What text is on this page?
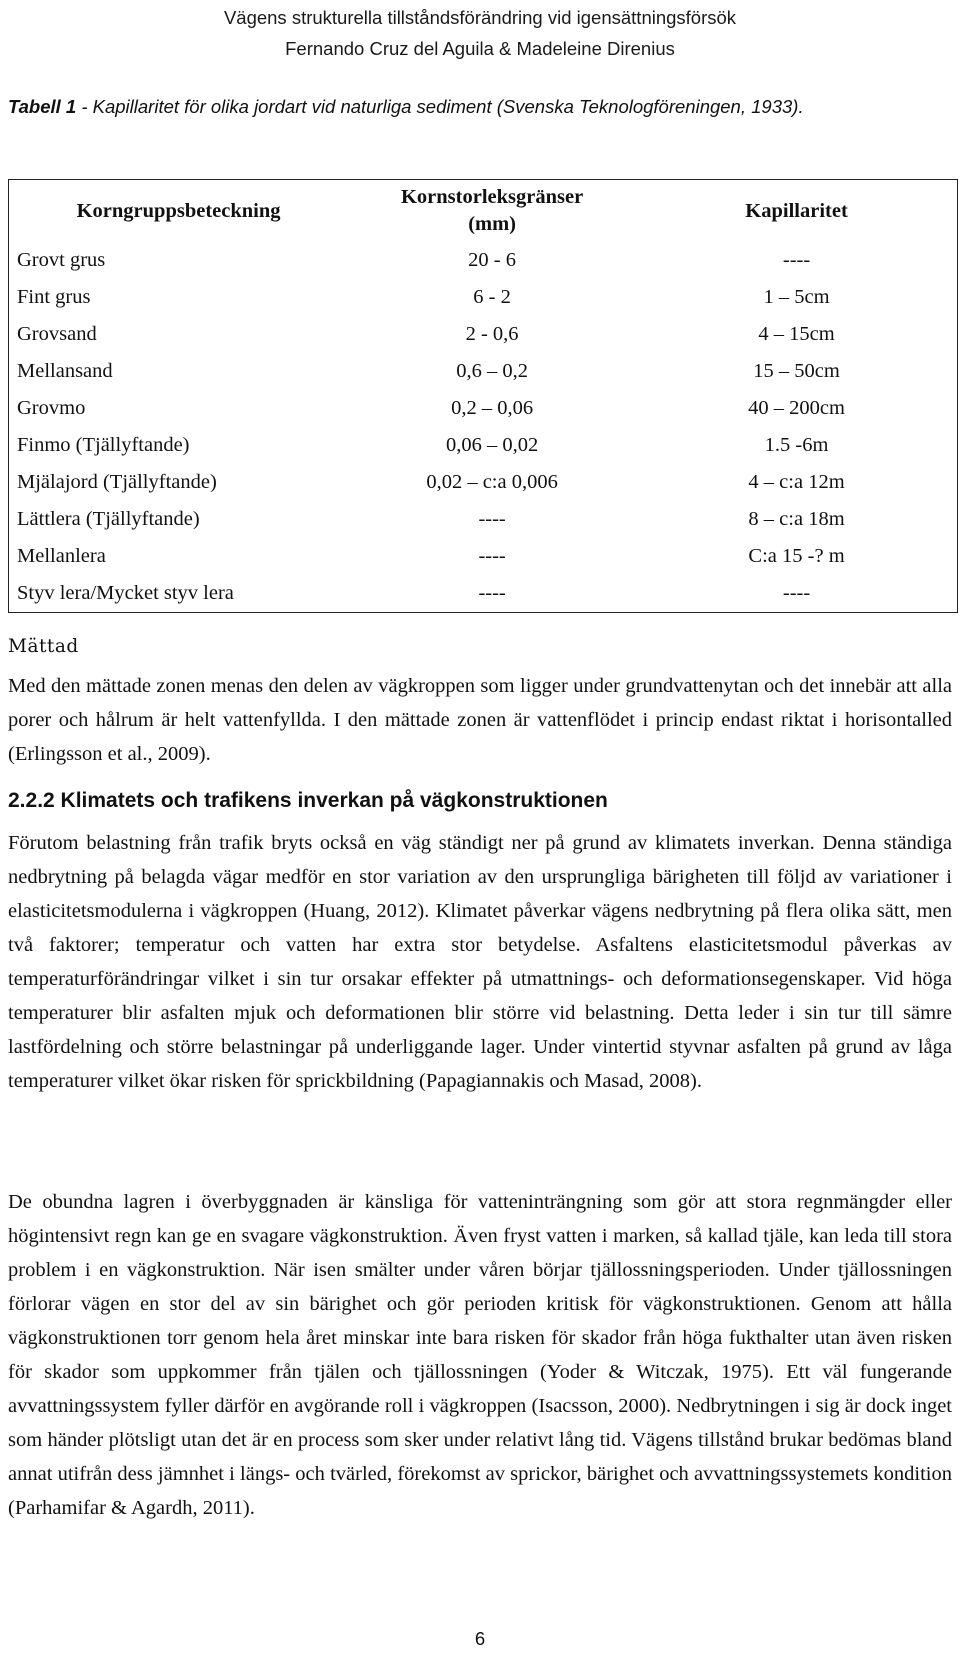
Vägens strukturella tillståndsförändring vid igensättningsförsök
Fernando Cruz del Aguila & Madeleine Direnius
Tabell 1 - Kapillaritet för olika jordart vid naturliga sediment (Svenska Teknologföreningen, 1933).
Korngruppsbeteckning	Kornstorleksgränser (mm)	Kapillaritet
Grovt grus	20 - 6	----
Fint grus	6 - 2	1 – 5cm
Grovsand	2 - 0,6	4 – 15cm
Mellansand	0,6 – 0,2	15 – 50cm
Grovmo	0,2 – 0,06	40 – 200cm
Finmo (Tjällyftande)	0,06 – 0,02	1.5 -6m
Mjälajord (Tjällyftande)	0,02 – c:a 0,006	4 – c:a 12m
Lättlera (Tjällyftande)	----	8 – c:a 18m
Mellanlera	----	C:a 15 -? m
Styv lera/Mycket styv lera	----	----
Mättad

Med den mättade zonen menas den delen av vägkroppen som ligger under grundvattenytan och det innebär att alla porer och hålrum är helt vattenfyllda. I den mättade zonen är vattenflödet i princip endast riktat i horisontalled (Erlingsson et al., 2009).

2.2.2 Klimatets och trafikens inverkan på vägkonstruktionen

Förutom belastning från trafik bryts också en väg ständigt ner på grund av klimatets inverkan. Denna ständiga nedbrytning på belagda vägar medför en stor variation av den ursprungliga bärigheten till följd av variationer i elasticitetsmodulerna i vägkroppen (Huang, 2012). Klimatet påverkar vägens nedbrytning på flera olika sätt, men två faktorer; temperatur och vatten har extra stor betydelse. Asfaltens elasticitetsmodul påverkas av temperaturförändringar vilket i sin tur orsakar effekter på utmattnings- och deformationsegenskaper. Vid höga temperaturer blir asfalten mjuk och deformationen blir större vid belastning. Detta leder i sin tur till sämre lastfördelning och större belastningar på underliggande lager. Under vintertid styvnar asfalten på grund av låga temperaturer vilket ökar risken för sprickbildning (Papagiannakis och Masad, 2008).

De obundna lagren i överbyggnaden är känsliga för vatteninträngning som gör att stora regnmängder eller högintensivt regn kan ge en svagare vägkonstruktion. Även fryst vatten i marken, så kallad tjäle, kan leda till stora problem i en vägkonstruktion. När isen smälter under våren börjar tjällossningsperioden. Under tjällossningen förlorar vägen en stor del av sin bärighet och gör perioden kritisk för vägkonstruktionen. Genom att hålla vägkonstruktionen torr genom hela året minskar inte bara risken för skador från höga fukthalter utan även risken för skador som uppkommer från tjälen och tjällossningen (Yoder & Witczak, 1975). Ett väl fungerande avvattningssystem fyller därför en avgörande roll i vägkroppen (Isacsson, 2000). Nedbrytningen i sig är dock inget som händer plötsligt utan det är en process som sker under relativt lång tid. Vägens tillstånd brukar bedömas bland annat utifrån dess jämnhet i längs- och tvärled, förekomst av sprickor, bärighet och avvattningssystemets kondition (Parhamifar & Agardh, 2011).

6
